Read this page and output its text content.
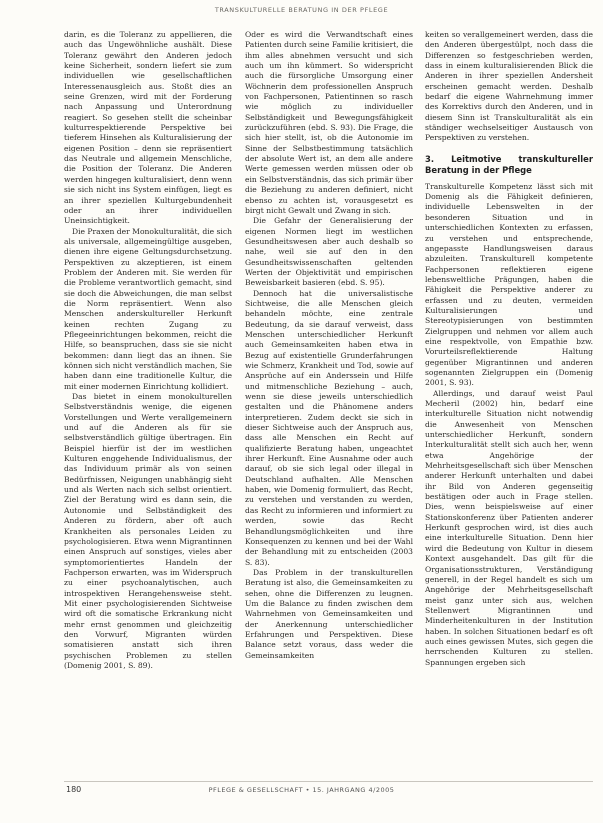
TRANSKULTURELLE BERATUNG IN DER PFLEGE

darin, es die Toleranz zu appellieren, die auch das Ungewöhnliche aushält. Diese Toleranz gewährt den Anderen jedoch keine Sicherheit, sondern liefert sie zum individuellen wie gesellschaftlichen Interessenausgleich aus. Stoßt dies an seine Grenzen, wird mit der Forderung nach Anpassung und Unterordnung reagiert. So gesehen stellt die scheinbar kulturrespektierende Perspektive bei tieferem Hinsehen als Kulturalisierung der eigenen Position – denn sie repräsentiert das Neutrale und allgemein Menschliche, die Position der Toleranz. Die Anderen werden hingegen kulturalisiert, denn wenn sie sich nicht ins System einfügen, liegt es an ihrer speziellen Kulturgebundenheit oder an ihrer individuellen Uneinsichtigkeit.

Die Praxen der Monokulturalität, die sich als universale, allgemeingültige ausgeben, dienen ihre eigene Geltungsdurchsetzung. Perspektiven zu akzeptieren, ist einem Problem der Anderen mit. Sie werden für die Probleme verantwortlich gemacht, sind sie doch die Abweichungen, die man selbst die Norm repräsentiert. Wenn also Menschen anderskultureller Herkunft keinen rechten Zugang zu Pflegeeinrichtungen bekommen, reicht die Hilfe, so beanspruchen, dass sie sie nicht bekommen: dann liegt das an ihnen. Sie können sich nicht verständlich machen, Sie haben dann eine traditionelle Kultur, die mit einer modernen Einrichtung kollidiert.

Das bietet in einem monokulturellen Selbstverständnis wenige, die eigenen Vorstellungen und Werte verallgemeinern und auf die Anderen als für sie selbstverständlich gültige übertragen. Ein Beispiel hierfür ist der im westlichen Kulturen enggehende Individualismus, der das Individuum primär als von seinen Bedürfnissen, Neigungen unabhängig sieht und als Werten nach sich selbst orientiert. Ziel der Beratung wird es dann sein, die Autonomie und Selbständigkeit des Anderen zu fördern, aber oft auch Krankheiten als personales Leiden zu psychologisieren. Etwa wenn Migrantinnen einen Anspruch auf sonstiges, vieles aber symptomorientiertes Handeln der Fachperson erwarten, was im Widerspruch zu einer psychoanalytischen, auch introspektiven Herangehensweise steht. Mit einer psychologisierenden Sichtweise wird oft die somatische Erkrankung nicht mehr ernst genommen und gleichzeitig den Vorwurf, Migranten würden somatisieren anstatt sich ihren psychischen Problemen zu stellen (Domenig 2001, S. 89).

Oder es wird die Verwandtschaft eines Patienten durch seine Familie kritisiert, die ihm alles abnehmen versucht und sich auch um ihn kümmert. So widerspricht auch die fürsorgliche Umsorgung einer Wöchnerin dem professionellen Anspruch von Fachpersonen, Patientinnen so rasch wie möglich zu individueller Selbständigkeit und Bewegungsfähigkeit zurückzuführen (ebd. S. 93). Die Frage, die sich hier stellt, ist, ob die Autonomie im Sinne der Selbstbestimmung tatsächlich der absolute Wert ist, an dem alle andere Werte gemessen werden müssen oder ob ein Selbstverständnis, das sich primär über die Beziehung zu anderen definiert, nicht ebenso zu achten ist, vorausgesetzt es birgt nicht Gewalt und Zwang in sich.

Die Gefahr der Generalisierung der eigenen Normen liegt im westlichen Gesundheitswesen aber auch deshalb so nahe, weil sie auf den in den Gesundheitswissenschaften geltenden Werten der Objektivität und empirischen Beweisbarkeit basieren (ebd. S. 95).

Dennoch hat die universalistische Sichtweise, die alle Menschen gleich behandeln möchte, eine zentrale Bedeutung, da sie darauf verweist, dass Menschen unterschiedlicher Herkunft auch Gemeinsamkeiten haben etwa in Bezug auf existentielle Grunderfahrungen wie Schmerz, Krankheit und Tod, sowie auf Ansprüche auf ein Anderssein und Hilfe und mitmenschliche Beziehung – auch, wenn sie diese jeweils unterschiedlich gestalten und die Phänomene anders interpretieren. Zudem deckt sie sich in dieser Sichtweise auch der Anspruch aus, dass alle Menschen ein Recht auf qualifizierte Beratung haben, ungeachtet ihrer Herkunft. Eine Ausnahme oder auch darauf, ob sie sich legal oder illegal in Deutschland aufhalten. Alle Menschen haben, wie Domenig formuliert, das Recht, zu verstehen und verstanden zu werden, das Recht zu informieren und informiert zu werden, sowie das Recht Behandlungsmöglichkeiten und ihre Konsequenzen zu kennen und bei der Wahl der Behandlung mit zu entscheiden (2003 S. 83).

Das Problem in der transkulturellen Beratung ist also, die Gemeinsamkeiten zu sehen, ohne die Differenzen zu leugnen. Um die Balance zu finden zwischen dem Wahrnehmen von Gemeinsamkeiten und der Anerkennung unterschiedlicher Erfahrungen und Perspektiven. Diese Balance setzt voraus, dass weder die Gemeinsamkeiten

keiten so verallgemeinert werden, dass die den Anderen übergestülpt, noch dass die Differenzen so festgeschrieben werden, dass in einem kulturalisierenden Blick die Anderen in ihrer speziellen Andersheit erscheinen gemacht werden. Deshalb bedarf die eigene Wahrnehmung immer des Korrektivs durch den Anderen, und in diesem Sinn ist Transkulturalität als ein ständiger wechselseitiger Austausch von Perspektiven zu verstehen.

3. Leitmotive transkultureller Beratung in der Pflege

Transkulturelle Kompetenz lässt sich mit Domenig als die Fähigkeit definieren, individuelle Lebenswelten in der besonderen Situation und in unterschiedlichen Kontexten zu erfassen, zu verstehen und entsprechende, angepasste Handlungsweisen daraus abzuleiten. Transkulturell kompetente Fachpersonen reflektieren eigene lebensweltliche Prägungen, haben die Fähigkeit die Perspektive anderer zu erfassen und zu deuten, vermeiden Kulturalisierungen und Stereotypisierungen von bestimmten Zielgruppen und nehmen vor allem auch eine respektvolle, von Empathie bzw. Vorurteilsreflektierende Haltung gegenüber Migrantinnen und anderen sogenannten Zielgruppen ein (Domenig 2001, S. 93).

Allerdings, und darauf weist Paul Mecheril (2002) hin, bedarf eine interkulturelle Situation nicht notwendig die Anwesenheit von Menschen unterschiedlicher Herkunft, sondern Interkulturalität stellt sich auch her, wenn etwa Angehörige der Mehrheitsgesellschaft sich über Menschen anderer Herkunft unterhalten und dabei ihr Bild von Anderen gegenseitig bestätigen oder auch in Frage stellen. Dies, wenn beispielsweise auf einer Stationskonferenz über Patienten anderer Herkunft gesprochen wird, ist dies auch eine interkulturelle Situation. Denn hier wird die Bedeutung von Kultur in diesem Kontext ausgehandelt. Das gilt für die Organisationsstrukturen, Verständigung generell, in der Regel handelt es sich um Angehörige der Mehrheitsgesellschaft meist ganz unter sich aus, welchen Stellenwert Migrantinnen und Minderheitenkulturen in der Institution haben. In solchen Situationen bedarf es oft auch eines gewissen Mutes, sich gegen die herrschenden Kulturen zu stellen. Spannungen ergeben sich

180	PFLEGE & GESELLSCHAFT • 15. JAHRGANG 4/2005
